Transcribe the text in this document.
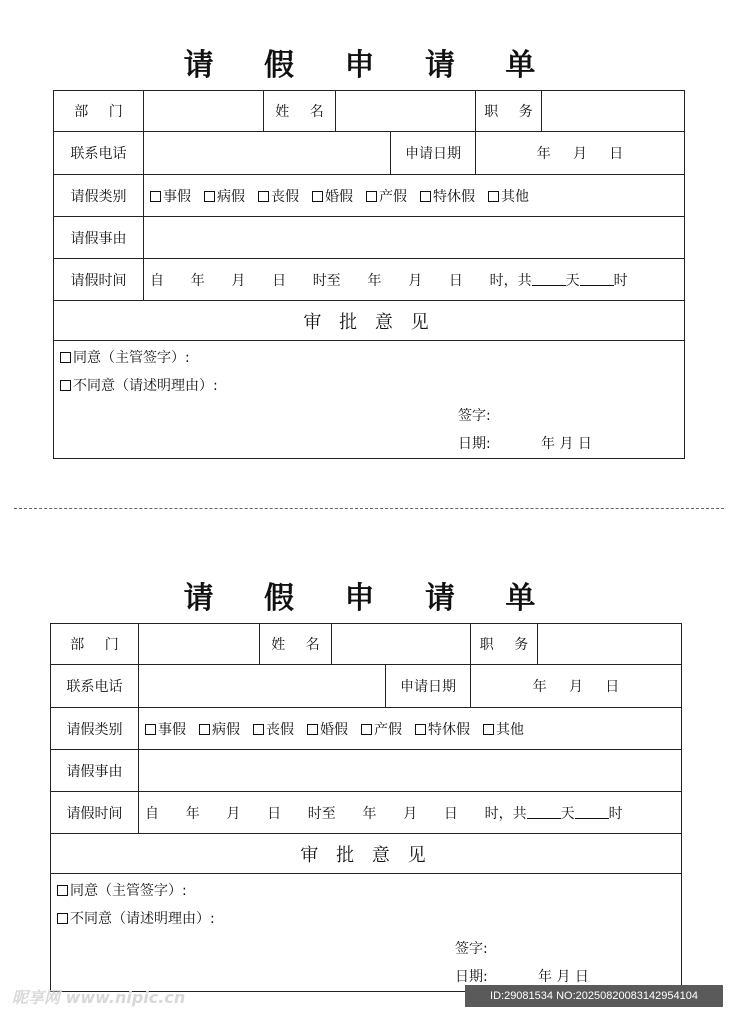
请 假 申 请 单
部 门	姓 名	职 务
联系电话	申请日期	年     月     日
请假类别	事假	病假	丧假	婚假	产假	特休假	其他
请假事由
请假时间	自      年      月      日      时至      年      月      日      时，共 天 时
审 批 意 见
同意（主管签字）:
不同意（请述明理由）:
签字:
日期:	年 月 日
请 假 申 请 单
部 门	姓 名	职 务
联系电话	申请日期	年     月     日
请假类别	事假	病假	丧假	婚假	产假	特休假	其他
请假事由
请假时间	自      年      月      日      时至      年      月      日      时，共 天 时
审 批 意 见
同意（主管签字）:
不同意（请述明理由）:
签字:
日期:	年 月 日
昵享网 www.nipic.cn	ID:29081534 NO:20250820083142954104
